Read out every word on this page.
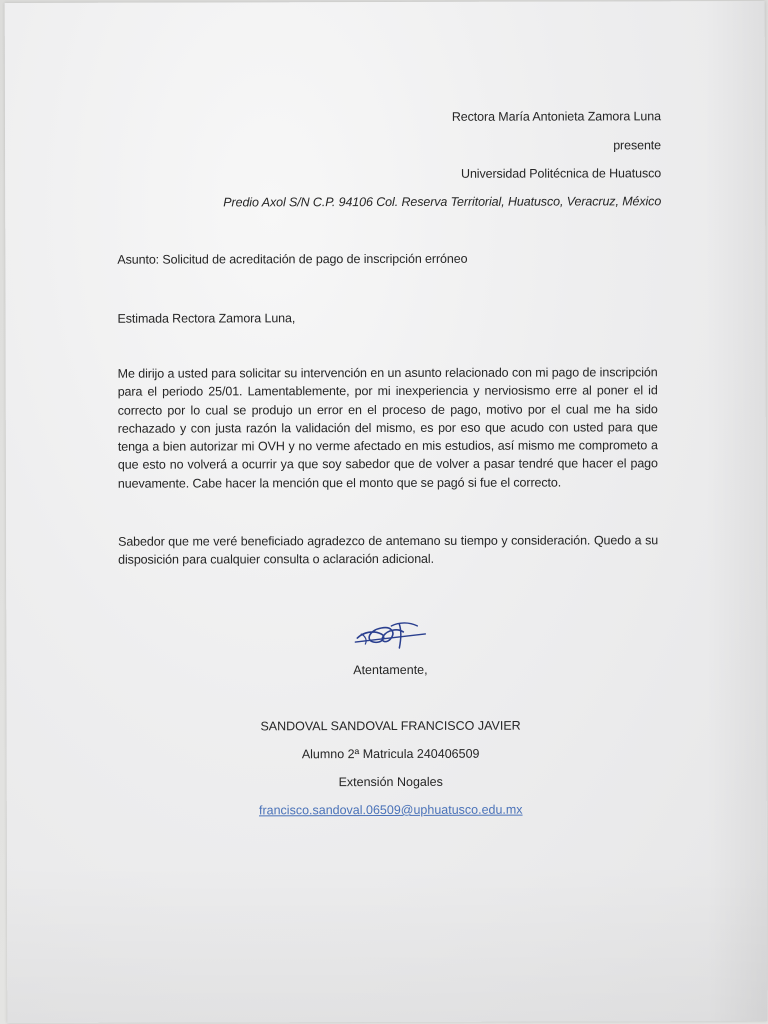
Rectora María Antonieta Zamora Luna
presente
Universidad Politécnica de Huatusco
Predio Axol S/N C.P. 94106 Col. Reserva Territorial, Huatusco, Veracruz, México
Asunto: Solicitud de acreditación de pago de inscripción erróneo
Estimada Rectora Zamora Luna,
Me dirijo a usted para solicitar su intervención en un asunto relacionado con mi pago de inscripción para el periodo 25/01. Lamentablemente, por mi inexperiencia y nerviosismo erre al poner el id correcto por lo cual se produjo un error en el proceso de pago, motivo por el cual me ha sido rechazado y con justa razón la validación del mismo, es por eso que acudo con usted para que tenga a bien autorizar mi OVH y no verme afectado en mis estudios, así mismo me comprometo a que esto no volverá a ocurrir ya que soy sabedor que de volver a pasar tendré que hacer el pago nuevamente. Cabe hacer la mención que el monto que se pagó si fue el correcto.
Sabedor que me veré beneficiado agradezco de antemano su tiempo y consideración. Quedo a su disposición para cualquier consulta o aclaración adicional.
Atentamente,
SANDOVAL SANDOVAL FRANCISCO JAVIER
Alumno 2ª Matricula 240406509
Extensión Nogales
francisco.sandoval.06509@uphuatusco.edu.mx
